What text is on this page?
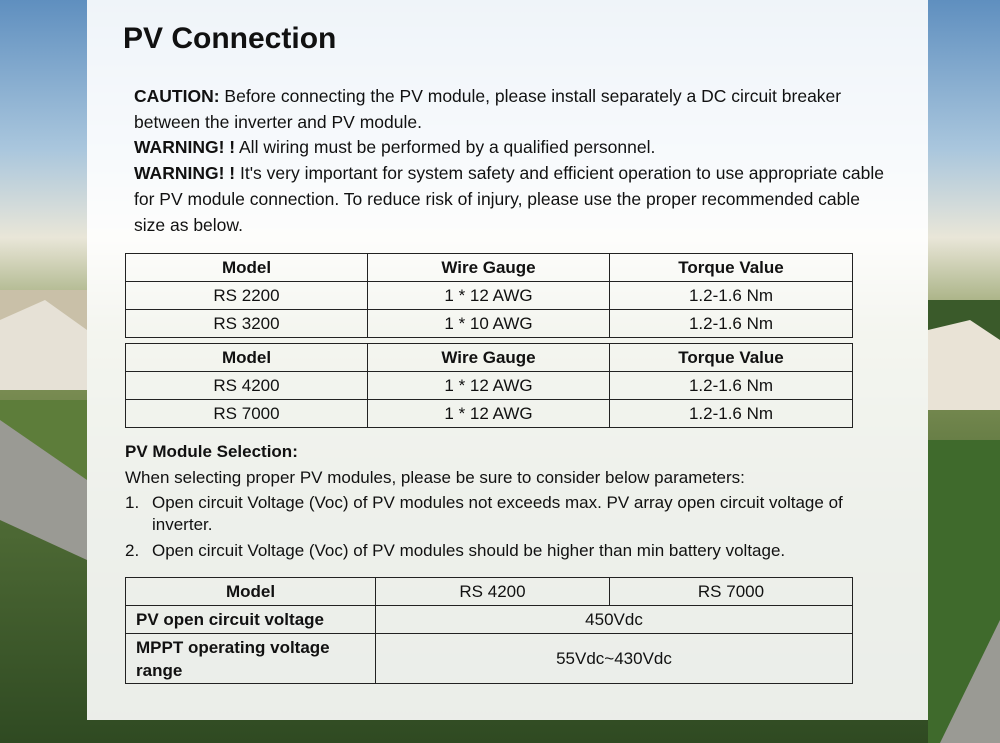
PV Connection

CAUTION: Before connecting the PV module, please install separately a DC circuit breaker between the inverter and PV module.

WARNING! ! All wiring must be performed by a qualified personnel.

WARNING! ! It's very important for system safety and efficient operation to use appropriate cable for PV module connection. To reduce risk of injury, please use the proper recommended cable size as below.

Model	Wire Gauge	Torque Value
RS 2200	1 * 12 AWG	1.2-1.6 Nm
RS 3200	1 * 10 AWG	1.2-1.6 Nm
Model	Wire Gauge	Torque Value
RS 4200	1 * 12 AWG	1.2-1.6 Nm
RS 7000	1 * 12 AWG	1.2-1.6 Nm
PV Module Selection:
When selecting proper PV modules, please be sure to consider below parameters:
1. Open circuit Voltage (Voc) of PV modules not exceeds max. PV array open circuit voltage of inverter.
2. Open circuit Voltage (Voc) of PV modules should be higher than min battery voltage.
Model	RS 4200	RS 7000
PV open circuit voltage	450Vdc	
MPPT operating voltage range	55Vdc~430Vdc	
